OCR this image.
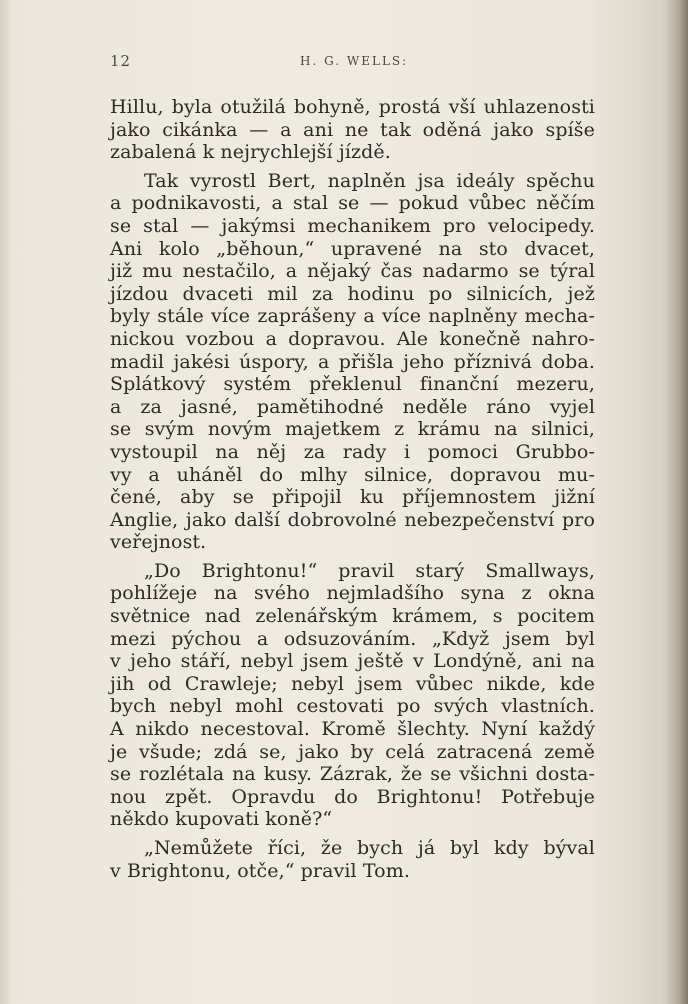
12	H. G. WELLS:
Hillu, byla otužilá bohyně, prostá vší uhlazenosti
jako cikánka — a ani ne tak oděná jako spíše
zabalená k nejrychlejší jízdě.
Tak vyrostl Bert, naplněn jsa ideály spěchu
a podnikavosti, a stal se — pokud vůbec něčím
se stal — jakýmsi mechanikem pro velocipedy.
Ani kolo „běhoun,“ upravené na sto dvacet,
již mu nestačilo, a nějaký čas nadarmo se týral
jízdou dvaceti mil za hodinu po silnicích, jež
byly stále více zaprášeny a více naplněny mecha-
nickou vozbou a dopravou. Ale konečně nahro-
madil jakési úspory, a přišla jeho příznivá doba.
Splátkový systém překlenul finanční mezeru,
a za jasné, pamětihodné neděle ráno vyjel
se svým novým majetkem z krámu na silnici,
vystoupil na něj za rady i pomoci Grubbo-
vy a uháněl do mlhy silnice, dopravou mu-
čené, aby se připojil ku příjemnostem jižní
Anglie, jako další dobrovolné nebezpečenství pro
veřejnost.
„Do Brightonu!“ pravil starý Smallways,
pohlížeje na svého nejmladšího syna z okna
světnice nad zelenářským krámem, s pocitem
mezi pýchou a odsuzováním. „Když jsem byl
v jeho stáří, nebyl jsem ještě v Londýně, ani na
jih od Crawleje; nebyl jsem vůbec nikde, kde
bych nebyl mohl cestovati po svých vlastních.
A nikdo necestoval. Kromě šlechty. Nyní každý
je všude; zdá se, jako by celá zatracená země
se rozlétala na kusy. Zázrak, že se všichni dosta-
nou zpět. Opravdu do Brightonu! Potřebuje
někdo kupovati koně?“
„Nemůžete říci, že bych já byl kdy býval
v Brightonu, otče,“ pravil Tom.
